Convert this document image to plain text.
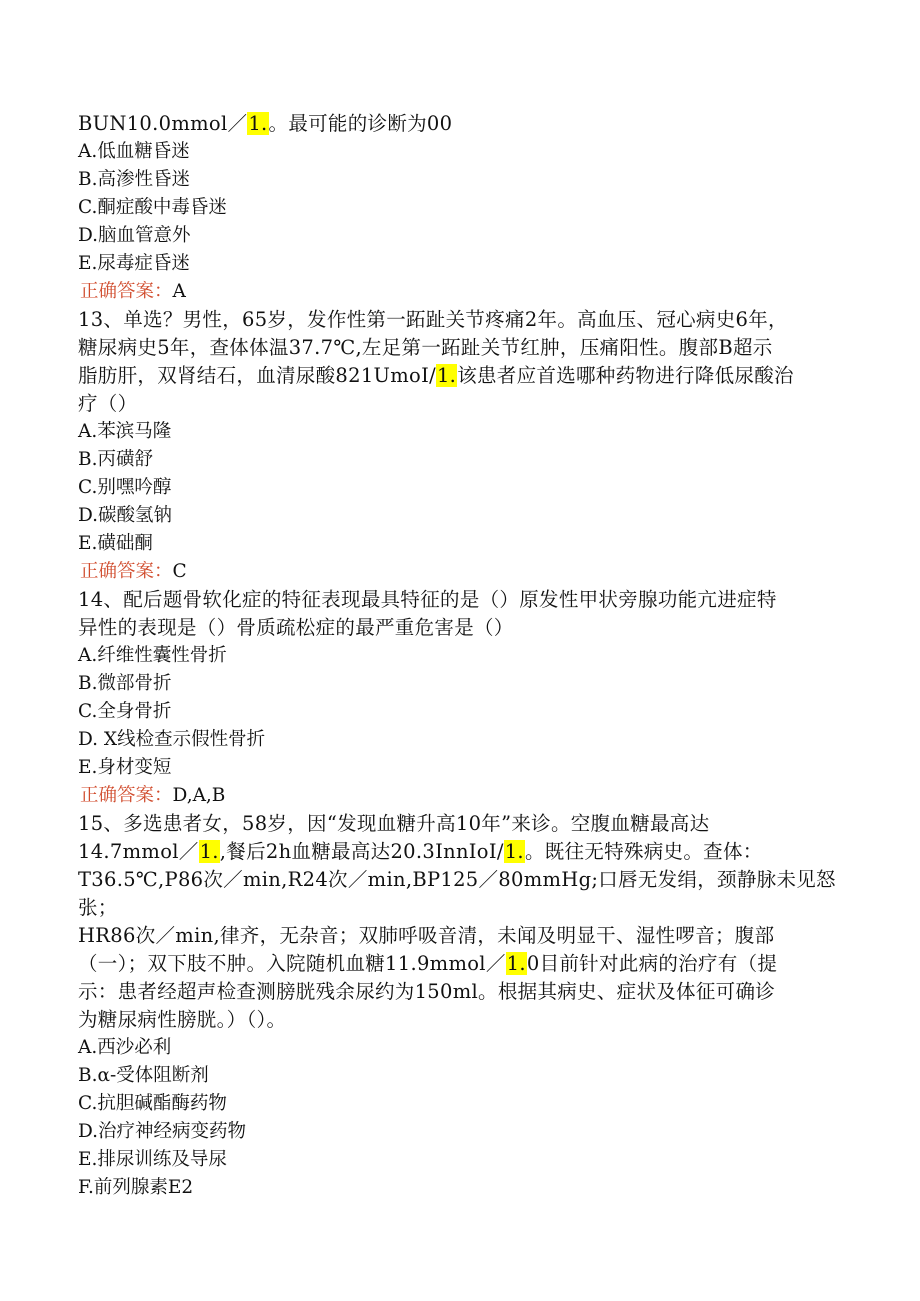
BUN10.0mmol／1.。最可能的诊断为00

A.低血糖昏迷

B.高渗性昏迷

C.酮症酸中毒昏迷

D.脑血管意外

E.尿毒症昏迷

正确答案：A

13、单选？男性，65岁，发作性第一跖趾关节疼痛2年。高血压、冠心病史6年，

糖尿病史5年，查体体温37.7℃,左足第一跖趾关节红肿，压痛阳性。腹部B超示

脂肪肝，双肾结石，血清尿酸821UmoI/1.该患者应首选哪种药物进行降低尿酸治

疗（）

A.苯滨马隆

B.丙磺舒

C.别嘿吟醇

D.碳酸氢钠

E.磺础酮

正确答案：C

14、配后题骨软化症的特征表现最具特征的是（）原发性甲状旁腺功能亢进症特

异性的表现是（）骨质疏松症的最严重危害是（）

A.纤维性囊性骨折

B.微部骨折

C.全身骨折

D. X线检查示假性骨折

E.身材变短

正确答案：D,A,B

15、多选患者女，58岁，因“发现血糖升高10年”来诊。空腹血糖最高达

14.7mmol／1.,餐后2h血糖最高达20.3InnIoI/1.。既往无特殊病史。查体：

T36.5℃,P86次／min,R24次／min,BP125／80mmHg;口唇无发绢，颈静脉未见怒张；

HR86次／min,律齐，无杂音；双肺呼吸音清，未闻及明显干、湿性啰音；腹部

（一）；双下肢不肿。入院随机血糖11.9mmol／1.0目前针对此病的治疗有（提

示：患者经超声检查测膀胱残余尿约为150ml。根据其病史、症状及体征可确诊

为糖尿病性膀胱。）（）。

A.西沙必利

B.α-受体阻断剂

C.抗胆碱酯酶药物

D.治疗神经病变药物

E.排尿训练及导尿

F.前列腺素E2
